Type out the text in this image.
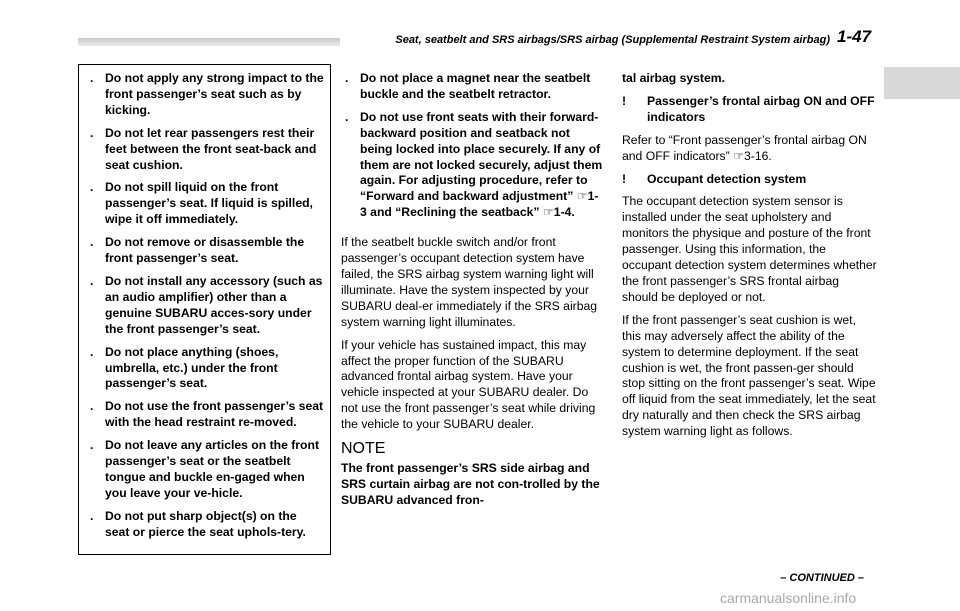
Seat, seatbelt and SRS airbags/SRS airbag (Supplemental Restraint System airbag) 1-47
. Do not apply any strong impact to the front passenger’s seat such as by kicking.
. Do not let rear passengers rest their feet between the front seat-back and seat cushion.
. Do not spill liquid on the front passenger’s seat. If liquid is spilled, wipe it off immediately.
. Do not remove or disassemble the front passenger’s seat.
. Do not install any accessory (such as an audio amplifier) other than a genuine SUBARU acces-sory under the front passenger’s seat.
. Do not place anything (shoes, umbrella, etc.) under the front passenger’s seat.
. Do not use the front passenger’s seat with the head restraint re-moved.
. Do not leave any articles on the front passenger’s seat or the seatbelt tongue and buckle en-gaged when you leave your ve-hicle.
. Do not put sharp object(s) on the seat or pierce the seat uphols-tery.
. Do not place a magnet near the seatbelt buckle and the seatbelt retractor.
. Do not use front seats with their forward-backward position and seatback not being locked into place securely. If any of them are not locked securely, adjust them again. For adjusting procedure, refer to “Forward and backward adjustment” ☞1-3 and “Reclining the seatback” ☞1-4.

If the seatbelt buckle switch and/or front passenger’s occupant detection system have failed, the SRS airbag system warning light will illuminate. Have the system inspected by your SUBARU deal-er immediately if the SRS airbag system warning light illuminates.

If your vehicle has sustained impact, this may affect the proper function of the SUBARU advanced frontal airbag system. Have your vehicle inspected at your SUBARU dealer. Do not use the front passenger’s seat while driving the vehicle to your SUBARU dealer.

NOTE

The front passenger’s SRS side airbag and SRS curtain airbag are not con-trolled by the SUBARU advanced fron-

tal airbag system.

! Passenger’s frontal airbag ON and OFF indicators

Refer to “Front passenger’s frontal airbag ON and OFF indicators” ☞3-16.

! Occupant detection system

The occupant detection system sensor is installed under the seat upholstery and monitors the physique and posture of the front passenger. Using this information, the occupant detection system determines whether the front passenger’s SRS frontal airbag should be deployed or not.

If the front passenger’s seat cushion is wet, this may adversely affect the ability of the system to determine deployment. If the seat cushion is wet, the front passen-ger should stop sitting on the front passenger’s seat. Wipe off liquid from the seat immediately, let the seat dry naturally and then check the SRS airbag system warning light as follows.

– CONTINUED –
carmanualsonline.info
